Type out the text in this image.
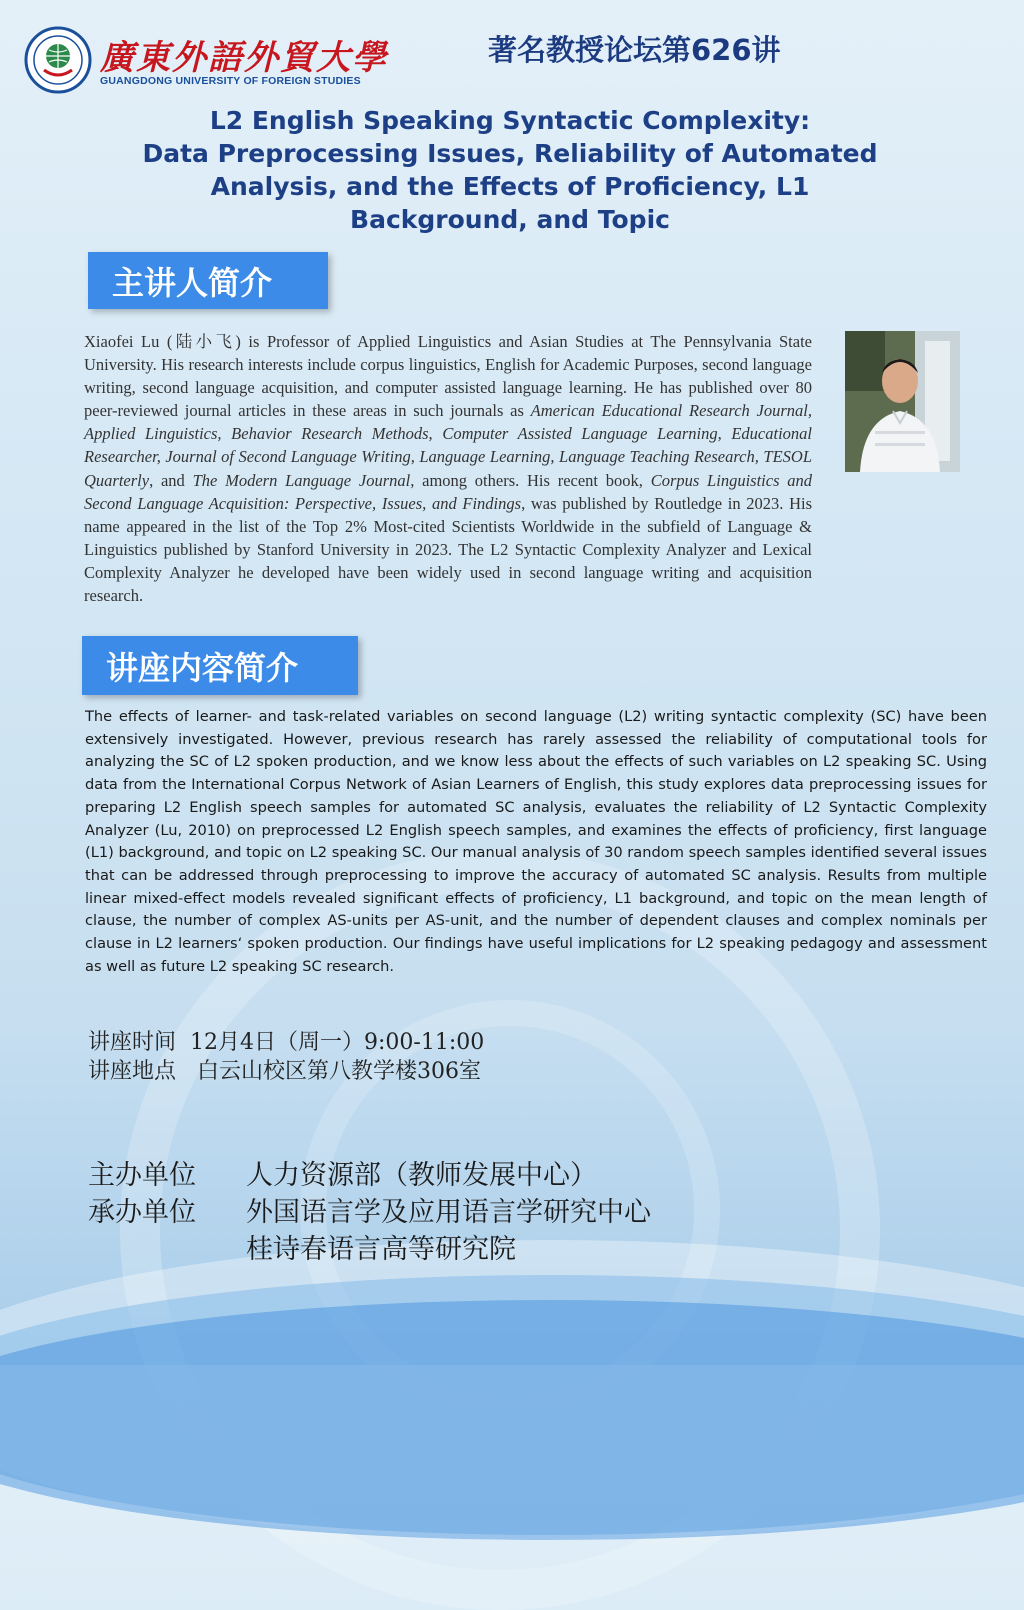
廣東外語外貿大學
GUANGDONG UNIVERSITY OF FOREIGN STUDIES
著名教授论坛第626讲
L2 English Speaking Syntactic Complexity:
Data Preprocessing Issues, Reliability of Automated
Analysis, and the Effects of Proficiency, L1
Background, and Topic
主讲人简介
Xiaofei Lu (陆小飞) is Professor of Applied Linguistics and Asian Studies at The Pennsylvania State University. His research interests include corpus linguistics, English for Academic Purposes, second language writing, second language acquisition, and computer assisted language learning. He has published over 80 peer-reviewed journal articles in these areas in such journals as American Educational Research Journal, Applied Linguistics, Behavior Research Methods, Computer Assisted Language Learning, Educational Researcher, Journal of Second Language Writing, Language Learning, Language Teaching Research, TESOL Quarterly, and The Modern Language Journal, among others. His recent book, Corpus Linguistics and Second Language Acquisition: Perspective, Issues, and Findings, was published by Routledge in 2023. His name appeared in the list of the Top 2% Most-cited Scientists Worldwide in the subfield of Language & Linguistics published by Stanford University in 2023. The L2 Syntactic Complexity Analyzer and Lexical Complexity Analyzer he developed have been widely used in second language writing and acquisition research.
讲座内容简介
The effects of learner- and task-related variables on second language (L2) writing syntactic complexity (SC) have been extensively investigated. However, previous research has rarely assessed the reliability of computational tools for analyzing the SC of L2 spoken production, and we know less about the effects of such variables on L2 speaking SC. Using data from the International Corpus Network of Asian Learners of English, this study explores data preprocessing issues for preparing L2 English speech samples for automated SC analysis, evaluates the reliability of L2 Syntactic Complexity Analyzer (Lu, 2010) on preprocessed L2 English speech samples, and examines the effects of proficiency, first language (L1) background, and topic on L2 speaking SC. Our manual analysis of 30 random speech samples identified several issues that can be addressed through preprocessing to improve the accuracy of automated SC analysis. Results from multiple linear mixed-effect models revealed significant effects of proficiency, L1 background, and topic on the mean length of clause, the number of complex AS-units per AS-unit, and the number of dependent clauses and complex nominals per clause in L2 learners‘ spoken production. Our findings have useful implications for L2 speaking pedagogy and assessment as well as future L2 speaking SC research.
讲座时间 12月4日（周一）9:00-11:00
讲座地点 白云山校区第八教学楼306室
主办单位 人力资源部（教师发展中心）
承办单位 外国语言学及应用语言学研究中心
桂诗春语言高等研究院
